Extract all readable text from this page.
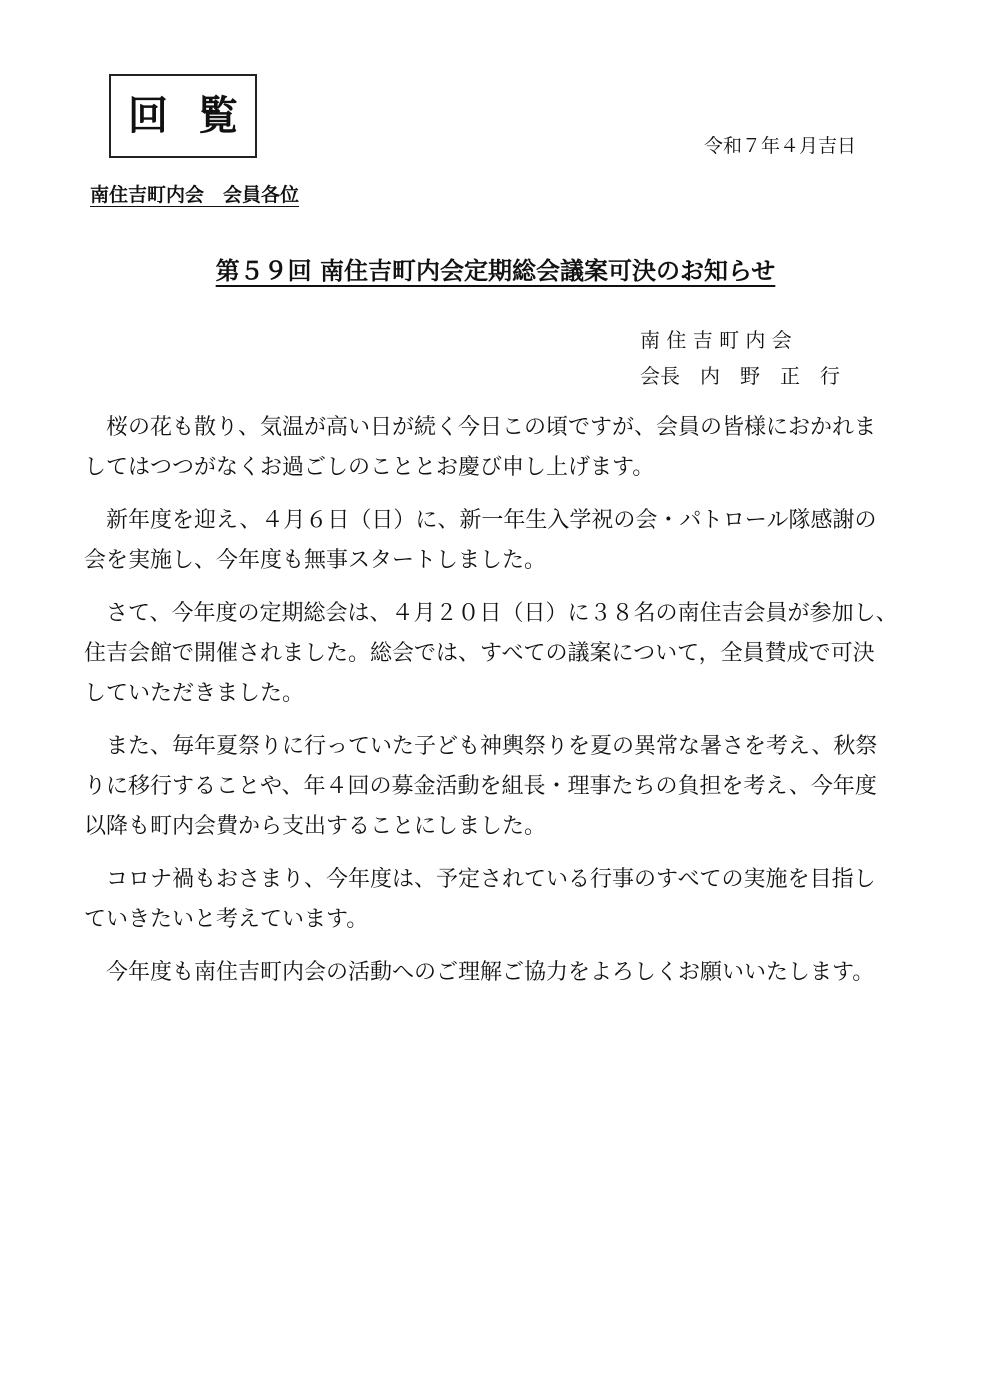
回覧
令和７年４月吉日
南住吉町内会　会員各位
第５９回 南住吉町内会定期総会議案可決のお知らせ
南 住 吉 町 内 会
会長　内　野　正　行

　桜の花も散り、気温が高い日が続く今日この頃ですが、会員の皆様におかれま
してはつつがなくお過ごしのこととお慶び申し上げます。

　新年度を迎え、４月６日（日）に、新一年生入学祝の会・パトロール隊感謝の
会を実施し、今年度も無事スタートしました。

　さて、今年度の定期総会は、４月２０日（日）に３８名の南住吉会員が参加し、
住吉会館で開催されました。総会では、すべての議案について，全員賛成で可決
していただきました。

　また、毎年夏祭りに行っていた子ども神輿祭りを夏の異常な暑さを考え、秋祭
りに移行することや、年４回の募金活動を組長・理事たちの負担を考え、今年度
以降も町内会費から支出することにしました。

　コロナ禍もおさまり、今年度は、予定されている行事のすべての実施を目指し
ていきたいと考えています。

　今年度も南住吉町内会の活動へのご理解ご協力をよろしくお願いいたします。
